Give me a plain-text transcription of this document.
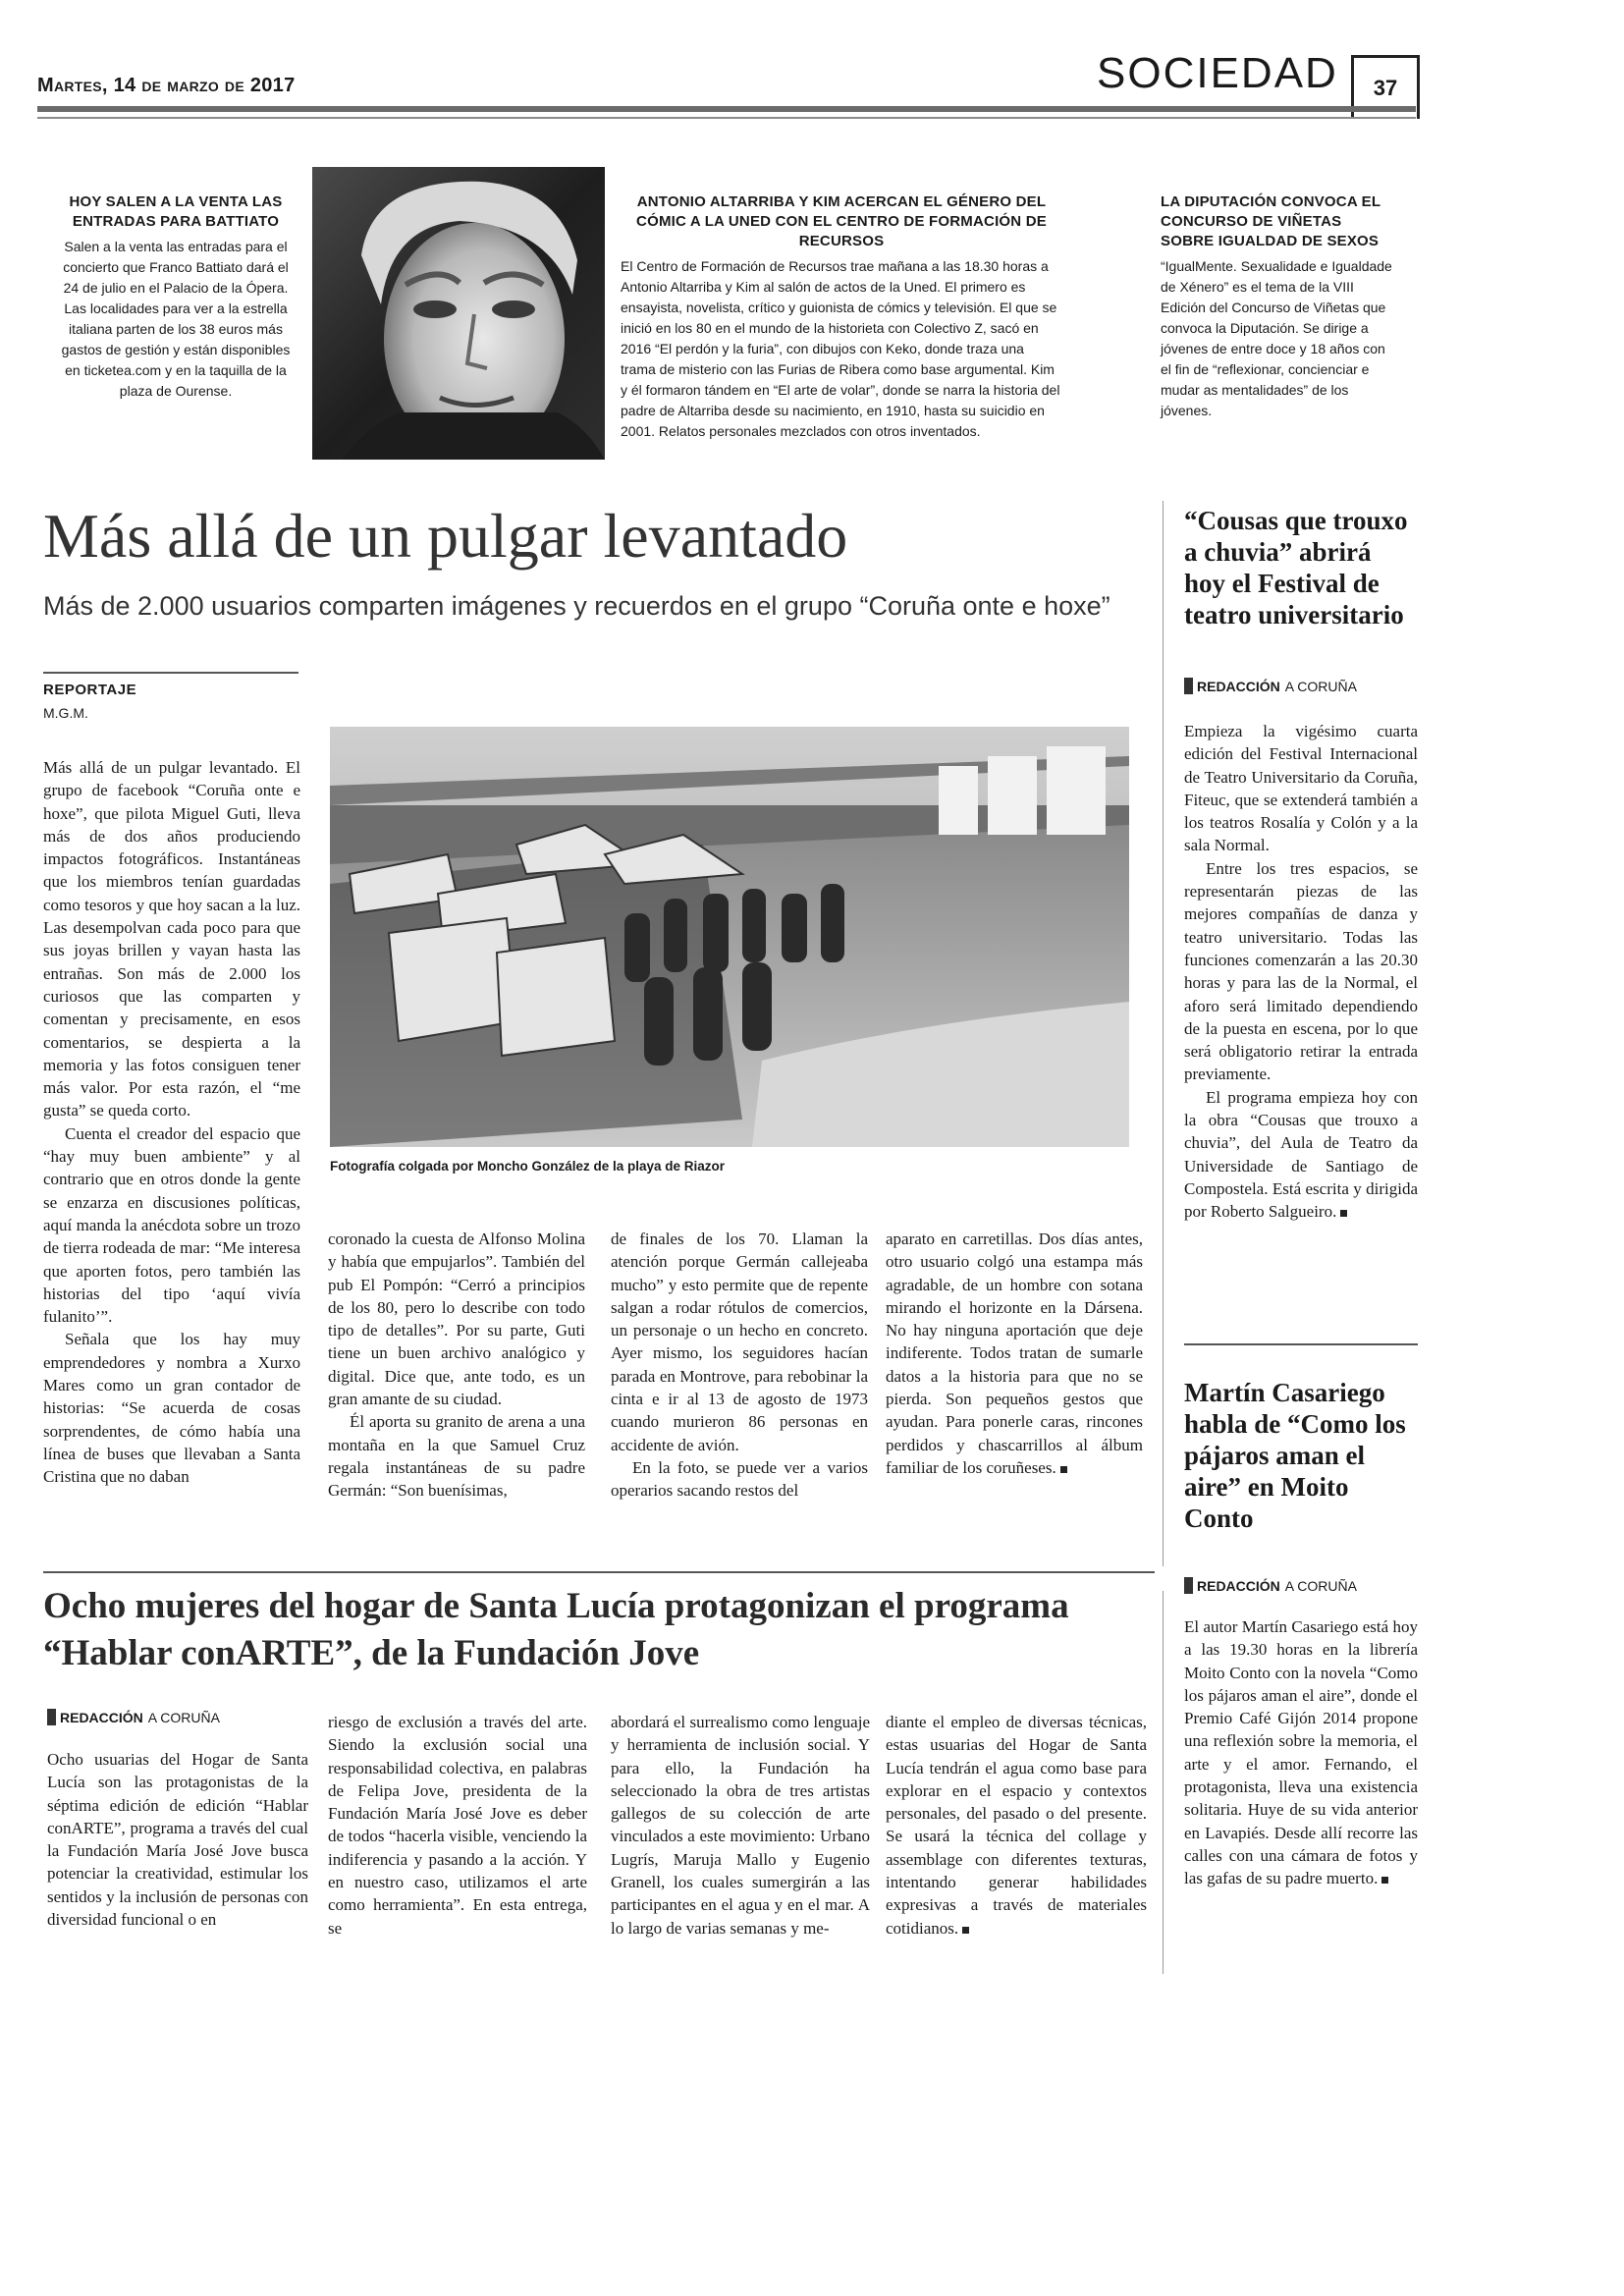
Martes, 14 de marzo de 2017	SOCIEDAD	37
HOY SALEN A LA VENTA LAS ENTRADAS PARA BATTIATO
Salen a la venta las entradas para el concierto que Franco Battiato dará el 24 de julio en el Palacio de la Ópera. Las localidades para ver a la estrella italiana parten de los 38 euros más gastos de gestión y están disponibles en ticketea.com y en la taquilla de la plaza de Ourense.
ANTONIO ALTARRIBA Y KIM ACERCAN EL GÉNERO DEL CÓMIC A LA UNED CON EL CENTRO DE FORMACIÓN DE RECURSOS
El Centro de Formación de Recursos trae mañana a las 18.30 horas a Antonio Altarriba y Kim al salón de actos de la Uned. El primero es ensayista, novelista, crítico y guionista de cómics y televisión. El que se inició en los 80 en el mundo de la historieta con Colectivo Z, sacó en 2016 “El perdón y la furia”, con dibujos con Keko, donde traza una trama de misterio con las Furias de Ribera como base argumental. Kim y él formaron tándem en “El arte de volar”, donde se narra la historia del padre de Altarriba desde su nacimiento, en 1910, hasta su suicidio en 2001. Relatos personales mezclados con otros inventados.
LA DIPUTACIÓN CONVOCA EL CONCURSO DE VIÑETAS SOBRE IGUALDAD DE SEXOS
“IgualMente. Sexualidade e Igualdade de Xénero” es el tema de la VIII Edición del Concurso de Viñetas que convoca la Diputación. Se dirige a jóvenes de entre doce y 18 años con el fin de “reflexionar, concienciar e mudar as mentalidades” de los jóvenes.
Más allá de un pulgar levantado
Más de 2.000 usuarios comparten imágenes y recuerdos en el grupo “Coruña onte e hoxe”
REPORTAJE
M.G.M.

Más allá de un pulgar levantado. El grupo de facebook “Coruña onte e hoxe”, que pilota Miguel Guti, lleva más de dos años produciendo impactos fotográficos. Instantáneas que los miembros tenían guardadas como tesoros y que hoy sacan a la luz. Las desempolvan cada poco para que sus joyas brillen y vayan hasta las entrañas. Son más de 2.000 los curiosos que las comparten y comentan y precisamente, en esos comentarios, se despierta a la memoria y las fotos consiguen tener más valor. Por esta razón, el “me gusta” se queda corto.

Cuenta el creador del espacio que “hay muy buen ambiente” y al contrario que en otros donde la gente se enzarza en discusiones políticas, aquí manda la anécdota sobre un trozo de tierra rodeada de mar: “Me interesa que aporten fotos, pero también las historias del tipo ‘aquí vivía fulanito’”.

Señala que los hay muy emprendedores y nombra a Xurxo Mares como un gran contador de historias: “Se acuerda de cosas sorprendentes, de cómo había una línea de buses que llevaban a Santa Cristina que no daban

Fotografía colgada por Moncho González de la playa de Riazor

coronado la cuesta de Alfonso Molina y había que empujarlos”. También del pub El Pompón: “Cerró a principios de los 80, pero lo describe con todo tipo de detalles”. Por su parte, Guti tiene un buen archivo analógico y digital. Dice que, ante todo, es un gran amante de su ciudad.

Él aporta su granito de arena a una montaña en la que Samuel Cruz regala instantáneas de su padre Germán: “Son buenísimas,

de finales de los 70. Llaman la atención porque Germán callejeaba mucho” y esto permite que de repente salgan a rodar rótulos de comercios, un personaje o un hecho en concreto. Ayer mismo, los seguidores hacían parada en Montrove, para rebobinar la cinta e ir al 13 de agosto de 1973 cuando murieron 86 personas en accidente de avión.

En la foto, se puede ver a varios operarios sacando restos del

aparato en carretillas. Dos días antes, otro usuario colgó una estampa más agradable, de un hombre con sotana mirando el horizonte en la Dársena. No hay ninguna aportación que deje indiferente. Todos tratan de sumarle datos a la historia para que no se pierda. Son pequeños gestos que ayudan. Para ponerle caras, rincones perdidos y chascarrillos al álbum familiar de los coruñeses.

“Cousas que trouxo a chuvia” abrirá hoy el Festival de teatro universitario
REDACCIÓN A CORUÑA

Empieza la vigésimo cuarta edición del Festival Internacional de Teatro Universitario da Coruña, Fiteuc, que se extenderá también a los teatros Rosalía y Colón y a la sala Normal.

Entre los tres espacios, se representarán piezas de las mejores compañías de danza y teatro universitario. Todas las funciones comenzarán a las 20.30 horas y para las de la Normal, el aforo será limitado dependiendo de la puesta en escena, por lo que será obligatorio retirar la entrada previamente.

El programa empieza hoy con la obra “Cousas que trouxo a chuvia”, del Aula de Teatro da Universidade de Santiago de Compostela. Está escrita y dirigida por Roberto Salgueiro.

Martín Casariego habla de “Como los pájaros aman el aire” en Moito Conto
REDACCIÓN A CORUÑA

El autor Martín Casariego está hoy a las 19.30 horas en la librería Moito Conto con la novela “Como los pájaros aman el aire”, donde el Premio Café Gijón 2014 propone una reflexión sobre la memoria, el arte y el amor. Fernando, el protagonista, lleva una existencia solitaria. Huye de su vida anterior en Lavapiés. Desde allí recorre las calles con una cámara de fotos y las gafas de su padre muerto.

Ocho mujeres del hogar de Santa Lucía protagonizan el programa “Hablar conARTE”, de la Fundación Jove
REDACCIÓN A CORUÑA
Ocho usuarias del Hogar de Santa Lucía son las protagonistas de la séptima edición de edición “Hablar conARTE”, programa a través del cual la Fundación María José Jove busca potenciar la creatividad, estimular los sentidos y la inclusión de personas con diversidad funcional o en
riesgo de exclusión a través del arte. Siendo la exclusión social una responsabilidad colectiva, en palabras de Felipa Jove, presidenta de la Fundación María José Jove es deber de todos “hacerla visible, venciendo la indiferencia y pasando a la acción. Y en nuestro caso, utilizamos el arte como herramienta”. En esta entrega, se
abordará el surrealismo como lenguaje y herramienta de inclusión social. Y para ello, la Fundación ha seleccionado la obra de tres artistas gallegos de su colección de arte vinculados a este movimiento: Urbano Lugrís, Maruja Mallo y Eugenio Granell, los cuales sumergirán a las participantes en el agua y en el mar. A lo largo de varias semanas y me-
diante el empleo de diversas técnicas, estas usuarias del Hogar de Santa Lucía tendrán el agua como base para explorar en el espacio y contextos personales, del pasado o del presente. Se usará la técnica del collage y assemblage con diferentes texturas, intentando generar habilidades expresivas a través de materiales cotidianos.
